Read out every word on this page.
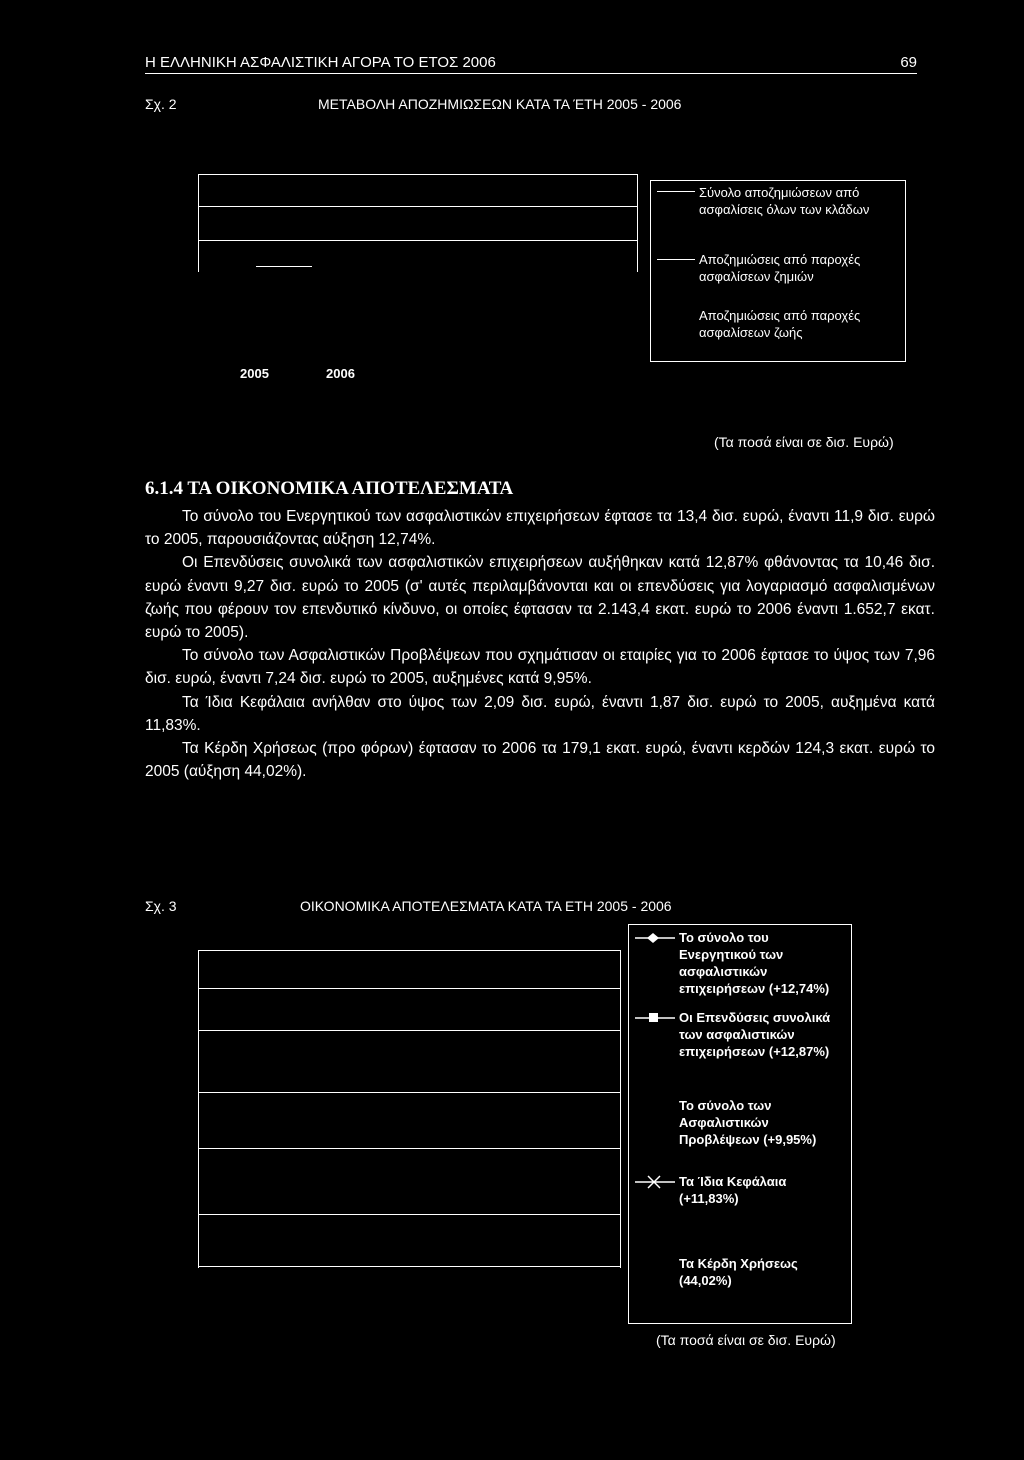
Η ΕΛΛΗΝΙΚΗ ΑΣΦΑΛΙΣΤΙΚΗ ΑΓΟΡΑ ΤΟ ΕΤΟΣ 2006	69
Σχ. 2	ΜΕΤΑΒΟΛΗ ΑΠΟΖΗΜΙΩΣΕΩΝ ΚΑΤΑ ΤΑ ΈΤΗ 2005 - 2006
Σύνολο αποζημιώσεων από ασφαλίσεις όλων των κλάδων
Αποζημιώσεις από παροχές ασφαλίσεων ζημιών
Αποζημιώσεις από παροχές ασφαλίσεων ζωής
2005	2006
(Τα ποσά είναι σε δισ. Ευρώ)
6.1.4 ΤΑ ΟΙΚΟΝΟΜΙΚΑ ΑΠΟΤΕΛΕΣΜΑΤΑ

Το σύνολο του Ενεργητικού των ασφαλιστικών επιχειρήσεων έφτασε τα 13,4 δισ. ευρώ, έναντι 11,9 δισ. ευρώ το 2005, παρουσιάζοντας αύξηση 12,74%.

Οι Επενδύσεις συνολικά των ασφαλιστικών επιχειρήσεων αυξήθηκαν κατά 12,87% φθάνοντας τα 10,46 δισ. ευρώ έναντι 9,27 δισ. ευρώ το 2005 (σ' αυτές περιλαμβάνονται και οι επενδύσεις για λογαριασμό ασφαλισμένων ζωής που φέρουν τον επενδυτικό κίνδυνο, οι οποίες έφτασαν τα 2.143,4 εκατ. ευρώ το 2006 έναντι 1.652,7 εκατ. ευρώ το 2005).

Το σύνολο των Ασφαλιστικών Προβλέψεων που σχημάτισαν οι εταιρίες για το 2006 έφτασε το ύψος των 7,96 δισ. ευρώ, έναντι 7,24 δισ. ευρώ το 2005, αυξημένες κατά 9,95%.

Τα Ίδια Κεφάλαια ανήλθαν στο ύψος των 2,09 δισ. ευρώ, έναντι 1,87 δισ. ευρώ το 2005, αυξημένα κατά 11,83%.

Τα Κέρδη Χρήσεως (προ φόρων) έφτασαν το 2006 τα 179,1 εκατ. ευρώ, έναντι κερδών 124,3 εκατ. ευρώ το 2005 (αύξηση 44,02%).

Σχ. 3	ΟΙΚΟΝΟΜΙΚΑ ΑΠΟΤΕΛΕΣΜΑΤΑ ΚΑΤΑ ΤΑ ΕΤΗ 2005 - 2006
Το σύνολο του Ενεργητικού των ασφαλιστικών επιχειρήσεων (+12,74%)
Οι Επενδύσεις συνολικά των ασφαλιστικών επιχειρήσεων (+12,87%)
Το σύνολο των Ασφαλιστικών Προβλέψεων (+9,95%)
Τα Ίδια Κεφάλαια (+11,83%)
Τα Κέρδη Χρήσεως (44,02%)
(Τα ποσά είναι σε δισ. Ευρώ)
